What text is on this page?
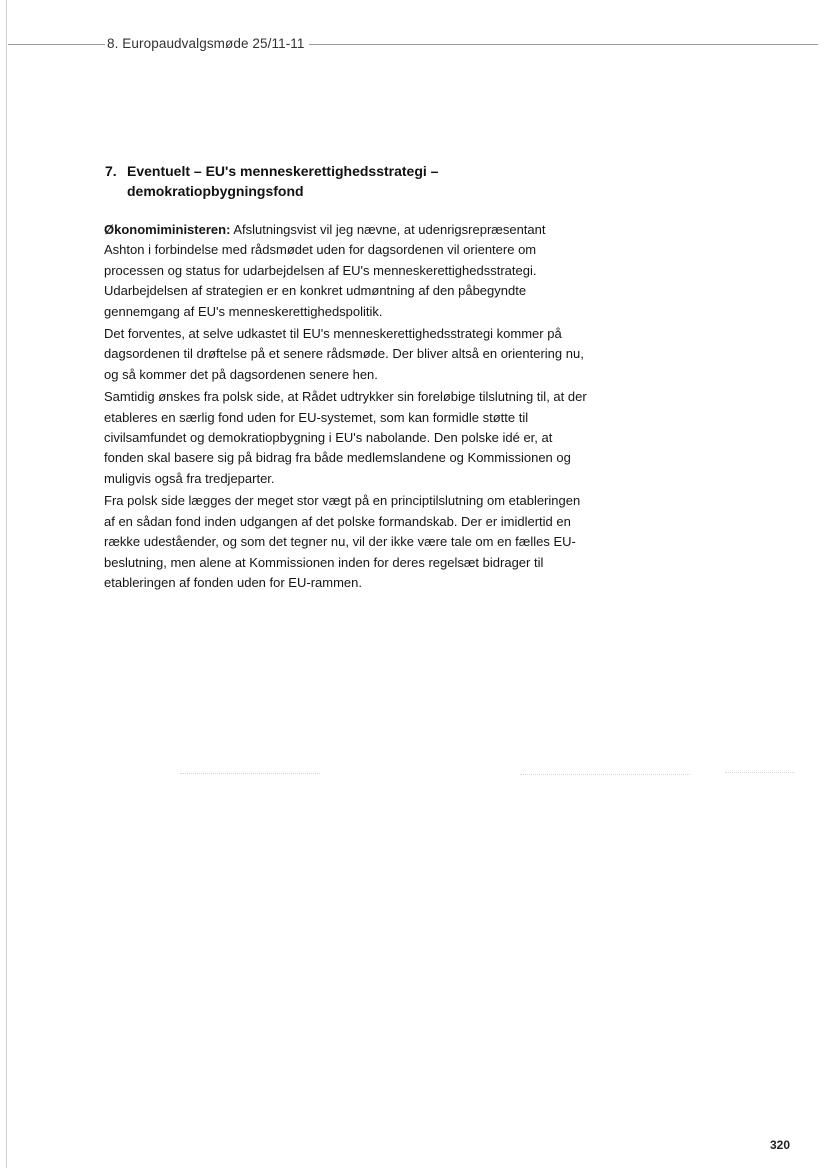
8. Europaudvalgsmøde 25/11-11
7. Eventuelt – EU's menneskerettighedsstrategi – demokratiopbygningsfond

Økonomiministeren: Afslutningsvist vil jeg nævne, at udenrigsrepræsentant Ashton i forbindelse med rådsmødet uden for dagsordenen vil orientere om processen og status for udarbejdelsen af EU's menneskerettighedsstrategi. Udarbejdelsen af strategien er en konkret udmøntning af den påbegyndte gennemgang af EU's menneskerettighedspolitik.

Det forventes, at selve udkastet til EU's menneskerettighedsstrategi kommer på dagsordenen til drøftelse på et senere rådsmøde. Der bliver altså en orientering nu, og så kommer det på dagsordenen senere hen.

Samtidig ønskes fra polsk side, at Rådet udtrykker sin foreløbige tilslutning til, at der etableres en særlig fond uden for EU-systemet, som kan formidle støtte til civilsamfundet og demokratiopbygning i EU's nabolande. Den polske idé er, at fonden skal basere sig på bidrag fra både medlemslandene og Kommissionen og muligvis også fra tredjeparter.

Fra polsk side lægges der meget stor vægt på en principtilslutning om etableringen af en sådan fond inden udgangen af det polske formandskab. Der er imidlertid en række udeståender, og som det tegner nu, vil der ikke være tale om en fælles EU-beslutning, men alene at Kommissionen inden for deres regelsæt bidrager til etableringen af fonden uden for EU-rammen.

320
